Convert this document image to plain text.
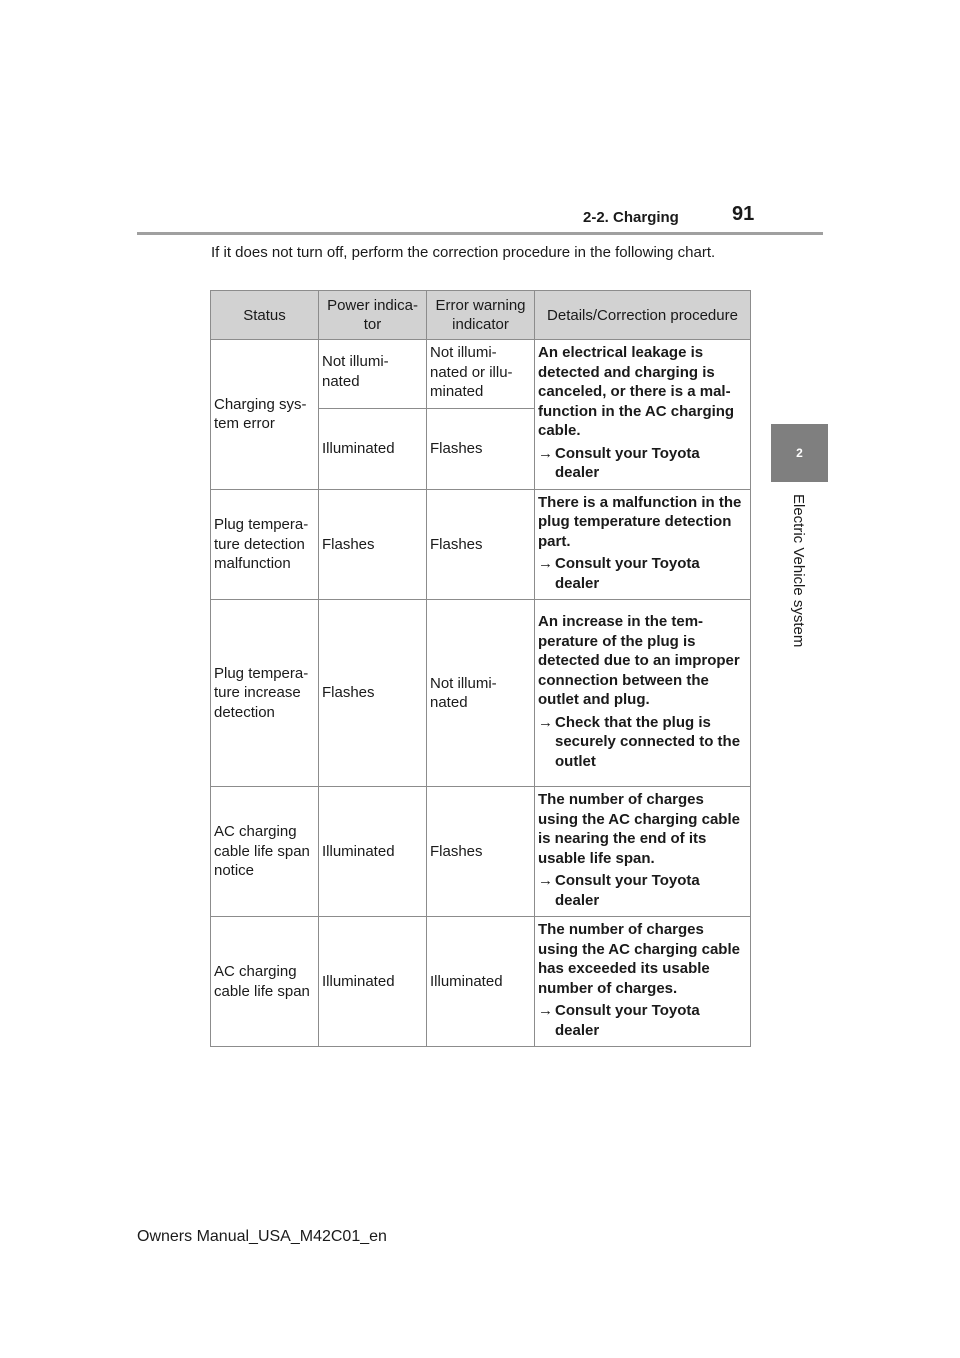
2-2. Charging	91
2
Electric Vehicle system
If it does not turn off, perform the correction procedure in the following chart.
Status	Power indica-tor	Error warning indicator	Details/Correction procedure
Charging sys-tem error	Not illumi-nated	Not illumi-nated or illu-minated	An electrical leakage is detected and charging is canceled, or there is a mal-function in the AC charging cable.
→ Consult your Toyota dealer

	Illuminated	Flashes	
Plug tempera-ture detection malfunction	Flashes	Flashes	There is a malfunction in the plug temperature detection part.
→ Consult your Toyota dealer

Plug tempera-ture increase detection	Flashes	Not illumi-nated	An increase in the tem-perature of the plug is detected due to an improper connection between the outlet and plug.
→ Check that the plug is securely connected to the outlet

AC charging cable life span notice	Illuminated	Flashes	The number of charges using the AC charging cable is nearing the end of its usable life span.
→ Consult your Toyota dealer

AC charging cable life span	Illuminated	Illuminated	The number of charges using the AC charging cable has exceeded its usable number of charges.
→ Consult your Toyota dealer
Owners Manual_USA_M42C01_en
